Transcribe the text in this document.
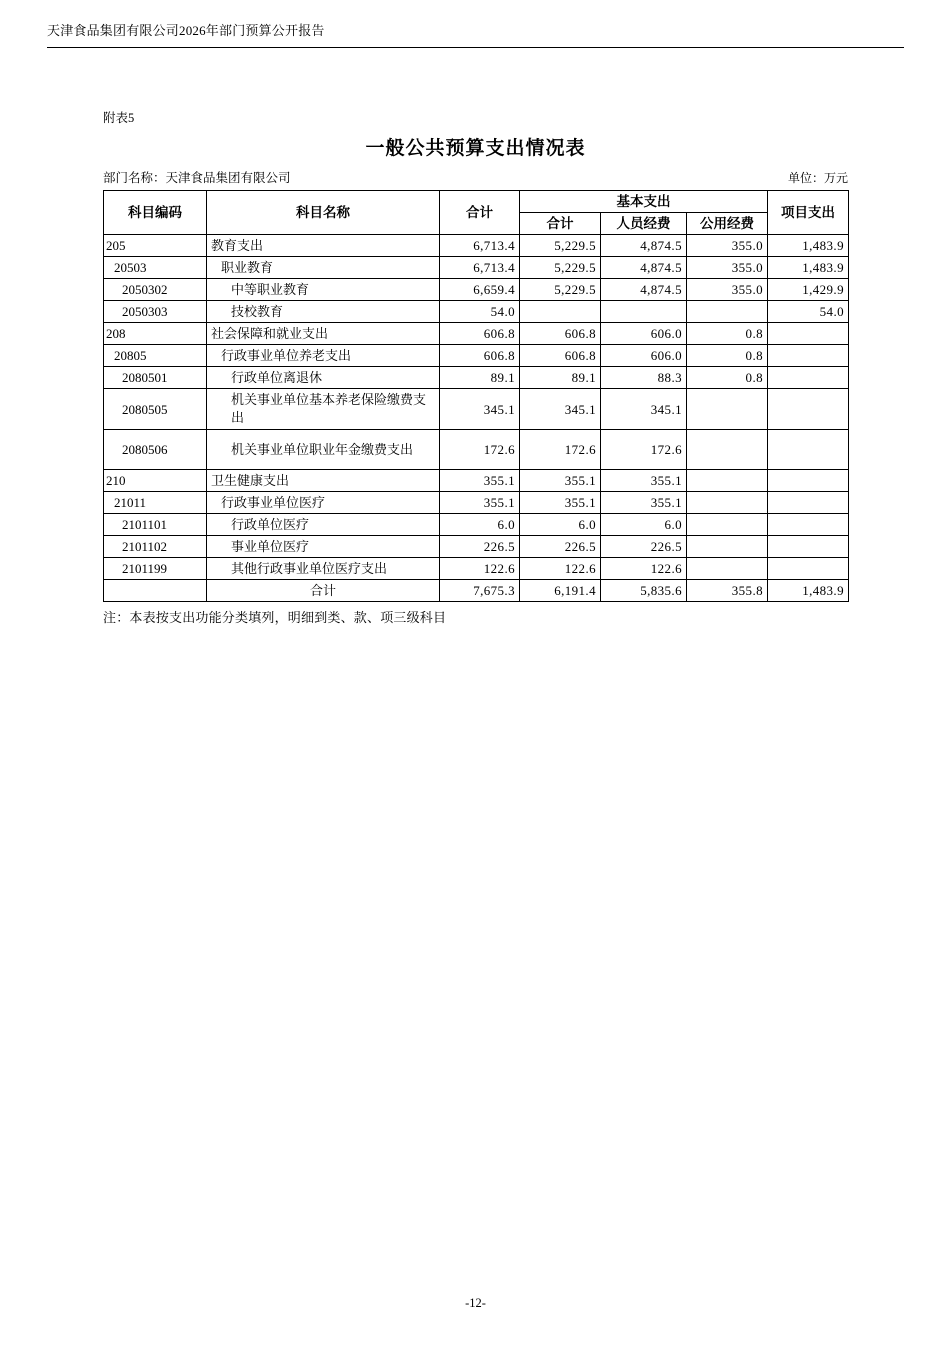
天津食品集团有限公司2026年部门预算公开报告
附表5
一般公共预算支出情况表
部门名称：天津食品集团有限公司	单位：万元
科目编码	科目名称	合计	基本支出			项目支出
			合计	人员经费	公用经费	
205	教育支出	6,713.4	5,229.5	4,874.5	355.0	1,483.9
20503	职业教育	6,713.4	5,229.5	4,874.5	355.0	1,483.9
2050302	中等职业教育	6,659.4	5,229.5	4,874.5	355.0	1,429.9
2050303	技校教育	54.0				54.0
208	社会保障和就业支出	606.8	606.8	606.0	0.8	
20805	行政事业单位养老支出	606.8	606.8	606.0	0.8	
2080501	行政单位离退休	89.1	89.1	88.3	0.8	
2080505	机关事业单位基本养老保险缴费支出	345.1	345.1	345.1		
2080506	机关事业单位职业年金缴费支出	172.6	172.6	172.6		
210	卫生健康支出	355.1	355.1	355.1		
21011	行政事业单位医疗	355.1	355.1	355.1		
2101101	行政单位医疗	6.0	6.0	6.0		
2101102	事业单位医疗	226.5	226.5	226.5		
2101199	其他行政事业单位医疗支出	122.6	122.6	122.6		
	合计	7,675.3	6,191.4	5,835.6	355.8	1,483.9
注：本表按支出功能分类填列，明细到类、款、项三级科目
-12-
